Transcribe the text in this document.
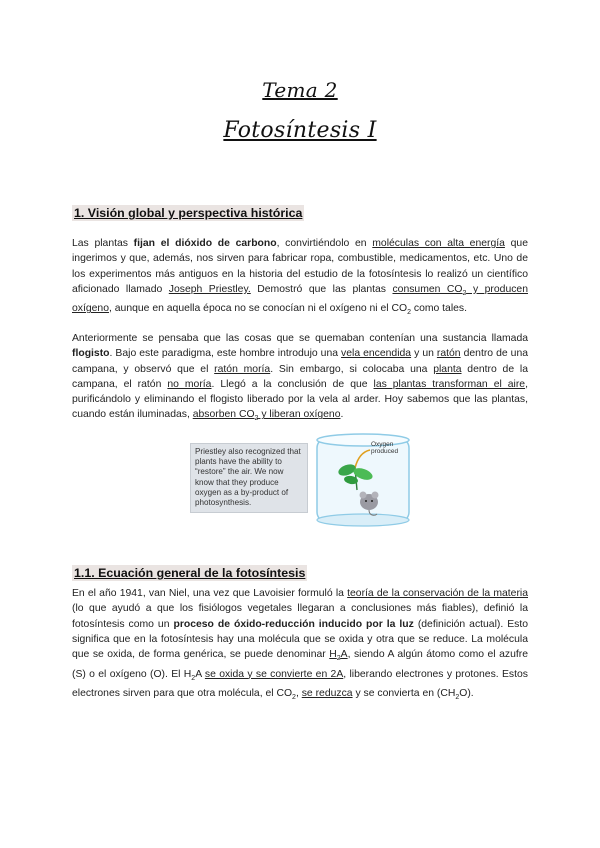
Tema 2
Fotosíntesis I
1. Visión global y perspectiva histórica
Las plantas fijan el dióxido de carbono, convirtiéndolo en moléculas con alta energía que ingerimos y que, además, nos sirven para fabricar ropa, combustible, medicamentos, etc. Uno de los experimentos más antiguos en la historia del estudio de la fotosíntesis lo realizó un científico aficionado llamado Joseph Priestley. Demostró que las plantas consumen $CO_2$ y producen oxígeno, aunque en aquella época no se conocían ni el oxígeno ni el $CO_2$ como tales.
Anteriormente se pensaba que las cosas que se quemaban contenían una sustancia llamada flogisto. Bajo este paradigma, este hombre introdujo una vela encendida y un ratón dentro de una campana, y observó que el ratón moría. Sin embargo, si colocaba una planta dentro de la campana, el ratón no moría. Llegó a la conclusión de que las plantas transforman el aire, purificándolo y eliminando el flogisto liberado por la vela al arder. Hoy sabemos que las plantas, cuando están iluminadas, absorben $CO_2$ y liberan oxígeno.
Priestley also recognized that plants have the ability to “restore” the air. We now know that they produce oxygen as a by-product of photosynthesis.
Oxygen
produced
1.1. Ecuación general de la fotosíntesis
En el año 1941, van Niel, una vez que Lavoisier formuló la teoría de la conservación de la materia (lo que ayudó a que los fisiólogos vegetales llegaran a conclusiones más fiables), definió la fotosíntesis como un proceso de óxido-reducción inducido por la luz (definición actual). Esto significa que en la fotosíntesis hay una molécula que se oxida y otra que se reduce. La molécula que se oxida, de forma genérica, se puede denominar $H_2A$, siendo A algún átomo como el azufre (S) o el oxígeno (O). El $H_2A$ se oxida y se convierte en 2A, liberando electrones y protones. Estos electrones sirven para que otra molécula, el $CO_2$, se reduzca y se convierta en $(CH_2O)$.
